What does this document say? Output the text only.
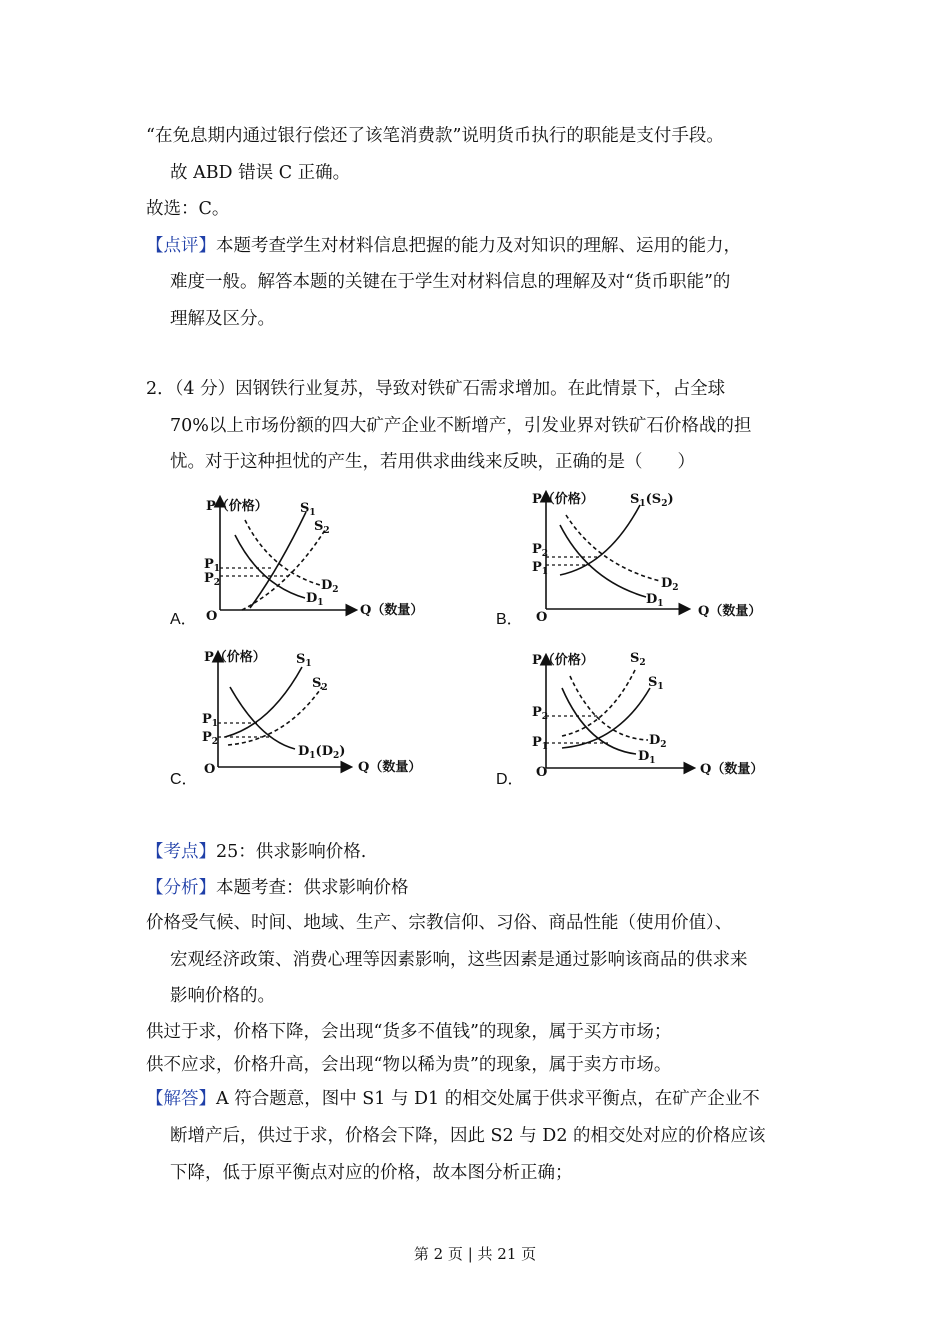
“在免息期内通过银行偿还了该笔消费款”说明货币执行的职能是支付手段。
故 ABD 错误 C 正确。
故选：C。
【点评】本题考查学生对材料信息把握的能力及对知识的理解、运用的能力，
难度一般。解答本题的关键在于学生对材料信息的理解及对“货币职能”的
理解及区分。
2．（4 分）因钢铁行业复苏，导致对铁矿石需求增加。在此情景下，占全球
70%以上市场份额的四大矿产企业不断增产，引发业界对铁矿石价格战的担
忧。对于这种担忧的产生，若用供求曲线来反映，正确的是（　　）
A．	B．
C．	D．
P（价格）
Q（数量）
O
$P_1$
$P_2$
$S_1$
$S_2$
$D_1$
$D_2$
P（价格）
Q（数量）
O
$P_2$
$P_1$
$S_1(S_2)$
$D_1$
$D_2$
P（价格）
Q（数量）
O
$P_1$
$P_2$
$S_1$
$S_2$
$D_1(D_2)$
P（价格）
Q（数量）
O
$P_2$
$P_1$
$S_2$
$S_1$
$D_1$
$D_2$
【考点】25：供求影响价格.
【分析】本题考查：供求影响价格
价格受气候、时间、地域、生产、宗教信仰、习俗、商品性能（使用价值）、
宏观经济政策、消费心理等因素影响，这些因素是通过影响该商品的供求来
影响价格的。
供过于求，价格下降，会出现“货多不值钱”的现象，属于买方市场；
供不应求，价格升高，会出现“物以稀为贵”的现象，属于卖方市场。
【解答】A 符合题意，图中 S1 与 D1 的相交处属于供求平衡点，在矿产企业不
断增产后，供过于求，价格会下降，因此 S2 与 D2 的相交处对应的价格应该
下降，低于原平衡点对应的价格，故本图分析正确；
第 2 页 | 共 21 页
